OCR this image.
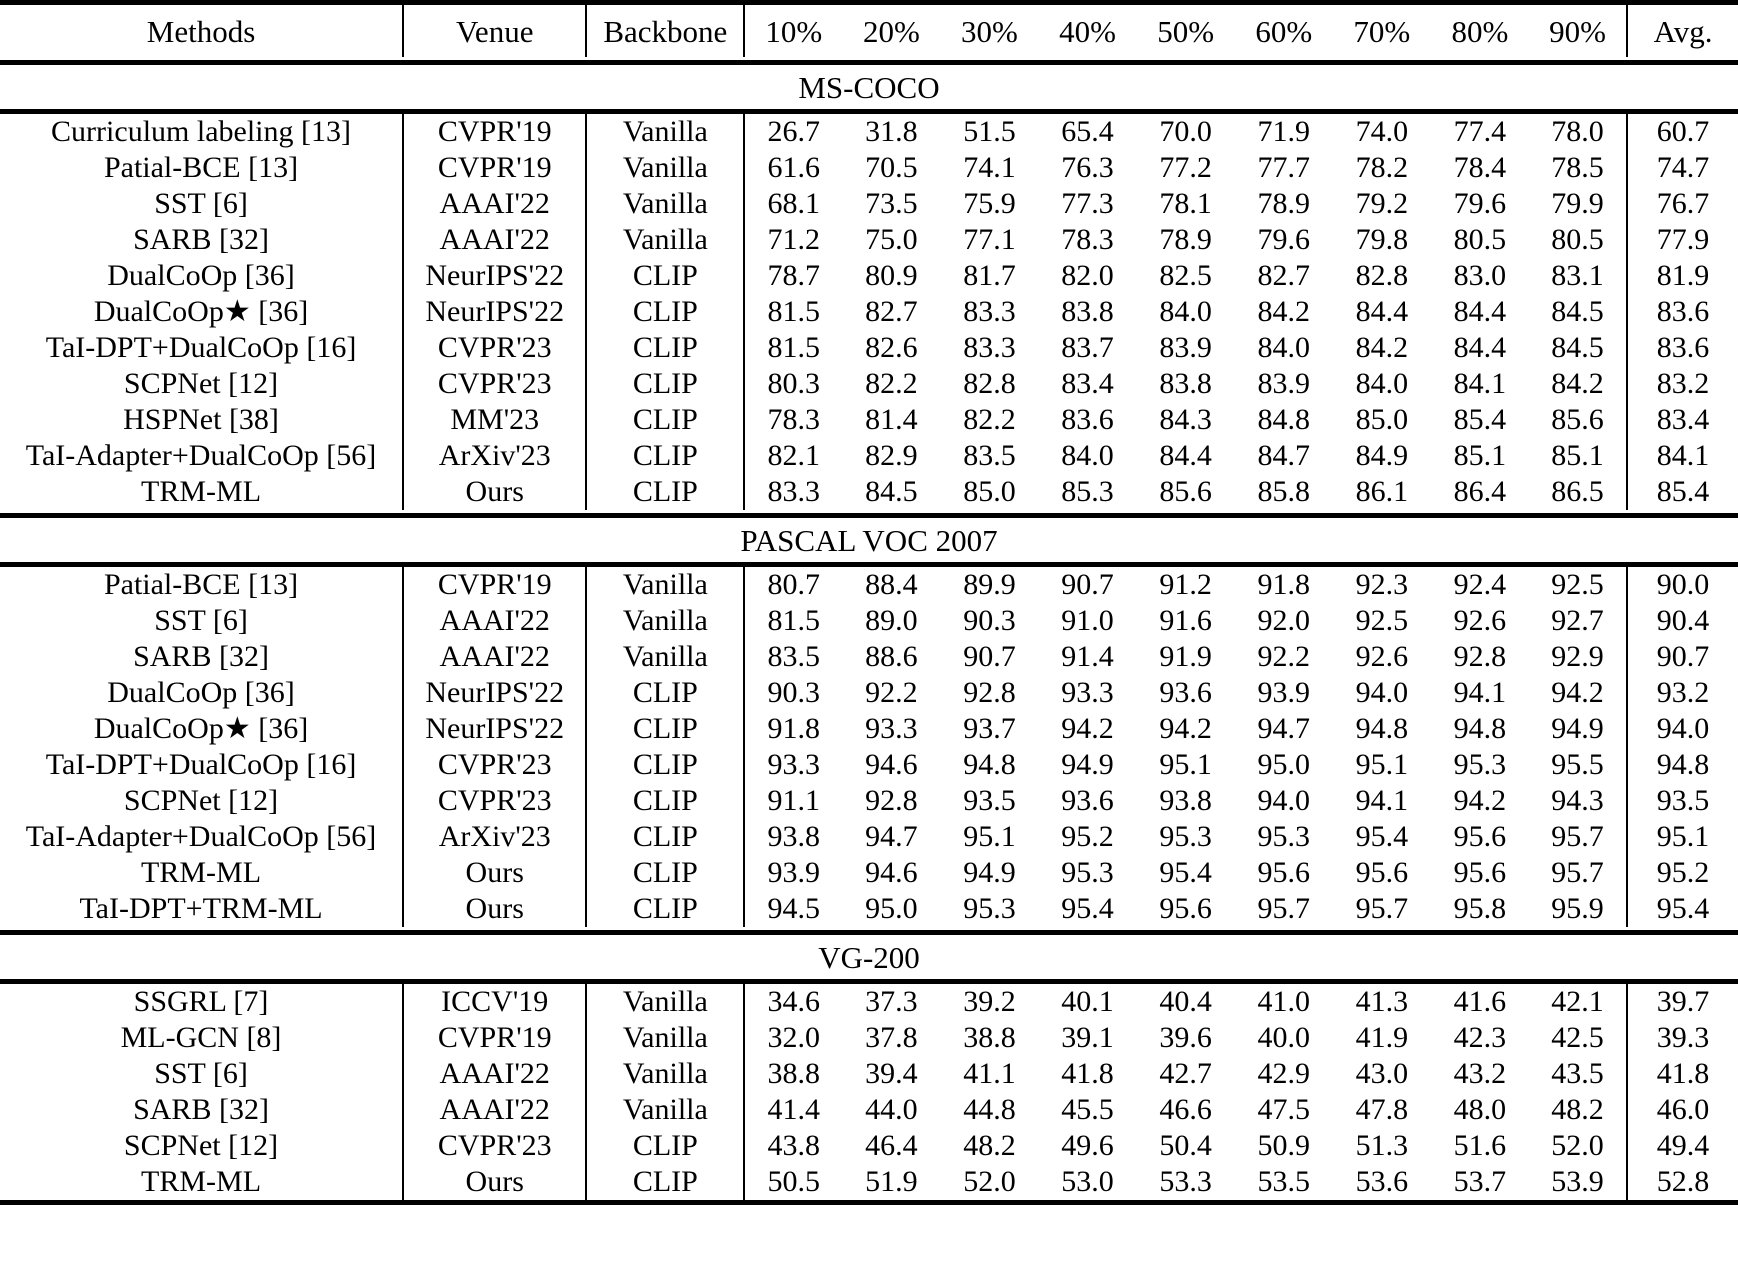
Methods	Venue	Backbone	10%	20%	30%	40%	50%	60%	70%	80%	90%	Avg.

MS-COCO												
Curriculum labeling [13]	CVPR'19	Vanilla	26.7	31.8	51.5	65.4	70.0	71.9	74.0	77.4	78.0	60.7
Patial-BCE [13]	CVPR'19	Vanilla	61.6	70.5	74.1	76.3	77.2	77.7	78.2	78.4	78.5	74.7
SST [6]	AAAI'22	Vanilla	68.1	73.5	75.9	77.3	78.1	78.9	79.2	79.6	79.9	76.7
SARB [32]	AAAI'22	Vanilla	71.2	75.0	77.1	78.3	78.9	79.6	79.8	80.5	80.5	77.9
DualCoOp [36]	NeurIPS'22	CLIP	78.7	80.9	81.7	82.0	82.5	82.7	82.8	83.0	83.1	81.9
DualCoOp★ [36]	NeurIPS'22	CLIP	81.5	82.7	83.3	83.8	84.0	84.2	84.4	84.4	84.5	83.6
TaI-DPT+DualCoOp [16]	CVPR'23	CLIP	81.5	82.6	83.3	83.7	83.9	84.0	84.2	84.4	84.5	83.6
SCPNet [12]	CVPR'23	CLIP	80.3	82.2	82.8	83.4	83.8	83.9	84.0	84.1	84.2	83.2
HSPNet [38]	MM'23	CLIP	78.3	81.4	82.2	83.6	84.3	84.8	85.0	85.4	85.6	83.4
TaI-Adapter+DualCoOp [56]	ArXiv'23	CLIP	82.1	82.9	83.5	84.0	84.4	84.7	84.9	85.1	85.1	84.1
TRM-ML	Ours	CLIP	83.3	84.5	85.0	85.3	85.6	85.8	86.1	86.4	86.5	85.4

PASCAL VOC 2007												
Patial-BCE [13]	CVPR'19	Vanilla	80.7	88.4	89.9	90.7	91.2	91.8	92.3	92.4	92.5	90.0
SST [6]	AAAI'22	Vanilla	81.5	89.0	90.3	91.0	91.6	92.0	92.5	92.6	92.7	90.4
SARB [32]	AAAI'22	Vanilla	83.5	88.6	90.7	91.4	91.9	92.2	92.6	92.8	92.9	90.7
DualCoOp [36]	NeurIPS'22	CLIP	90.3	92.2	92.8	93.3	93.6	93.9	94.0	94.1	94.2	93.2
DualCoOp★ [36]	NeurIPS'22	CLIP	91.8	93.3	93.7	94.2	94.2	94.7	94.8	94.8	94.9	94.0
TaI-DPT+DualCoOp [16]	CVPR'23	CLIP	93.3	94.6	94.8	94.9	95.1	95.0	95.1	95.3	95.5	94.8
SCPNet [12]	CVPR'23	CLIP	91.1	92.8	93.5	93.6	93.8	94.0	94.1	94.2	94.3	93.5
TaI-Adapter+DualCoOp [56]	ArXiv'23	CLIP	93.8	94.7	95.1	95.2	95.3	95.3	95.4	95.6	95.7	95.1
TRM-ML	Ours	CLIP	93.9	94.6	94.9	95.3	95.4	95.6	95.6	95.6	95.7	95.2
TaI-DPT+TRM-ML	Ours	CLIP	94.5	95.0	95.3	95.4	95.6	95.7	95.7	95.8	95.9	95.4

VG-200												
SSGRL [7]	ICCV'19	Vanilla	34.6	37.3	39.2	40.1	40.4	41.0	41.3	41.6	42.1	39.7
ML-GCN [8]	CVPR'19	Vanilla	32.0	37.8	38.8	39.1	39.6	40.0	41.9	42.3	42.5	39.3
SST [6]	AAAI'22	Vanilla	38.8	39.4	41.1	41.8	42.7	42.9	43.0	43.2	43.5	41.8
SARB [32]	AAAI'22	Vanilla	41.4	44.0	44.8	45.5	46.6	47.5	47.8	48.0	48.2	46.0
SCPNet [12]	CVPR'23	CLIP	43.8	46.4	48.2	49.6	50.4	50.9	51.3	51.6	52.0	49.4
TRM-ML	Ours	CLIP	50.5	51.9	52.0	53.0	53.3	53.5	53.6	53.7	53.9	52.8
